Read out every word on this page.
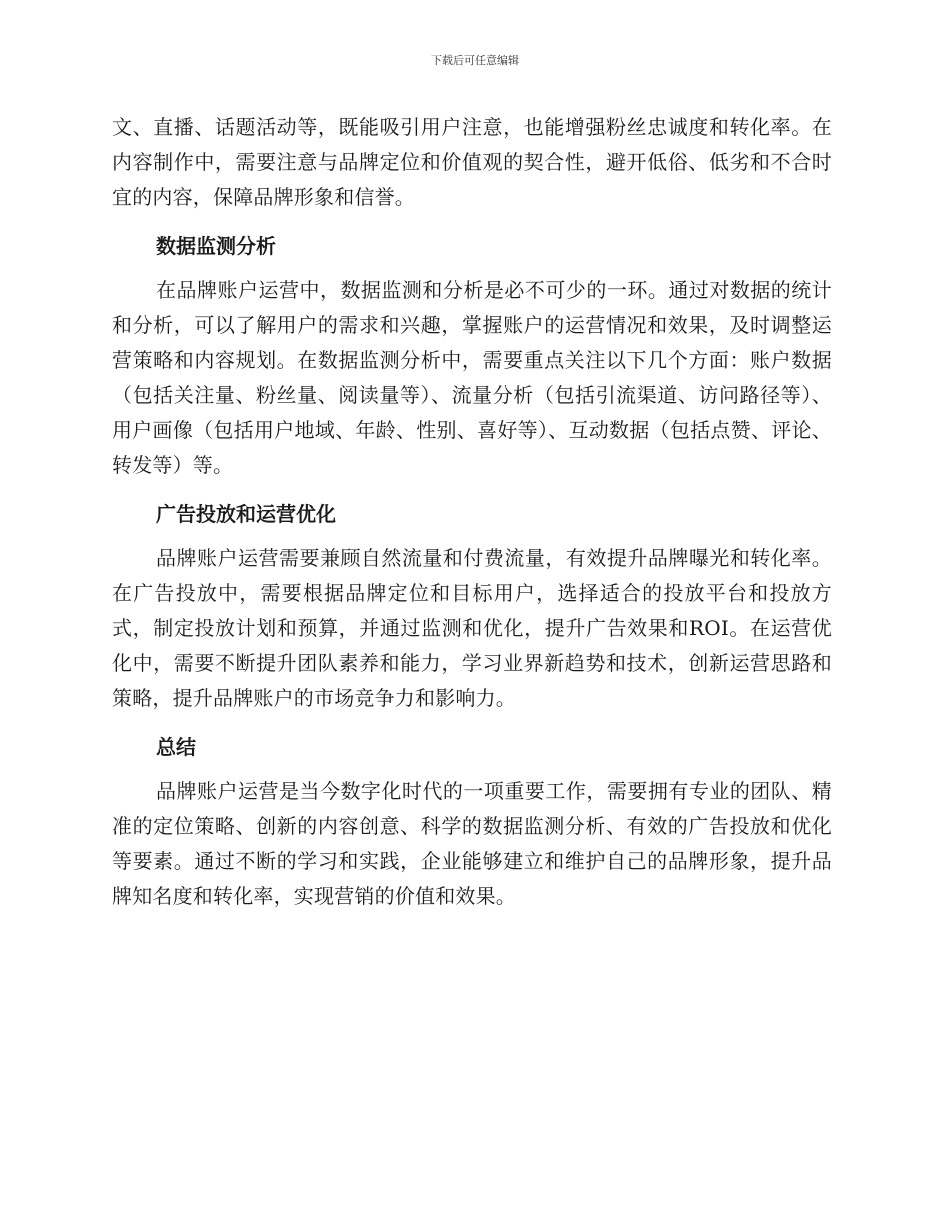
下载后可任意编辑

文、直播、话题活动等，既能吸引用户注意，也能增强粉丝忠诚度和转化率。在内容制作中，需要注意与品牌定位和价值观的契合性，避开低俗、低劣和不合时宜的内容，保障品牌形象和信誉。

数据监测分析

在品牌账户运营中，数据监测和分析是必不可少的一环。通过对数据的统计和分析，可以了解用户的需求和兴趣，掌握账户的运营情况和效果，及时调整运营策略和内容规划。在数据监测分析中，需要重点关注以下几个方面：账户数据（包括关注量、粉丝量、阅读量等）、流量分析（包括引流渠道、访问路径等）、用户画像（包括用户地域、年龄、性别、喜好等）、互动数据（包括点赞、评论、转发等）等。

广告投放和运营优化

品牌账户运营需要兼顾自然流量和付费流量，有效提升品牌曝光和转化率。在广告投放中，需要根据品牌定位和目标用户，选择适合的投放平台和投放方式，制定投放计划和预算，并通过监测和优化，提升广告效果和ROI。在运营优化中，需要不断提升团队素养和能力，学习业界新趋势和技术，创新运营思路和策略，提升品牌账户的市场竞争力和影响力。

总结

品牌账户运营是当今数字化时代的一项重要工作，需要拥有专业的团队、精准的定位策略、创新的内容创意、科学的数据监测分析、有效的广告投放和优化等要素。通过不断的学习和实践，企业能够建立和维护自己的品牌形象，提升品牌知名度和转化率，实现营销的价值和效果。
